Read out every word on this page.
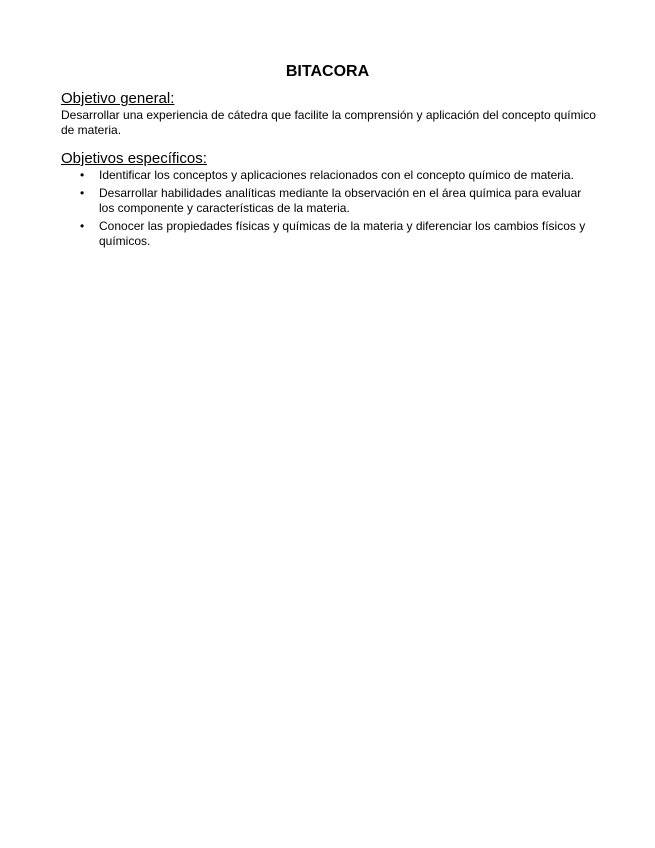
BITACORA

Objetivo general:

Desarrollar una experiencia de cátedra que facilite la comprensión y aplicación del concepto químico de materia.

Objetivos específicos:

• Identificar los conceptos y aplicaciones relacionados con el concepto químico de materia.
• Desarrollar habilidades analíticas mediante la observación en el área química para evaluar los componente y características de la materia.
• Conocer las propiedades físicas y químicas de la materia y diferenciar los cambios físicos y químicos.
